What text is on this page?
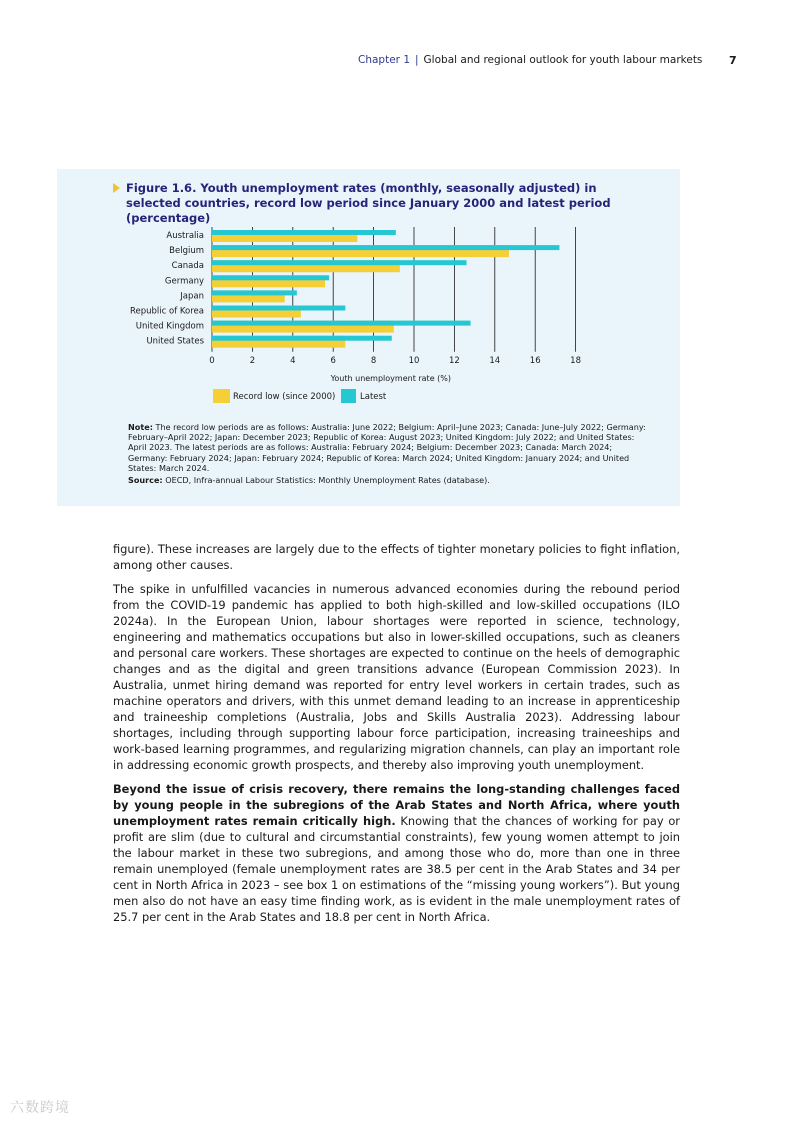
Chapter 1 | Global and regional outlook for youth labour markets 7
Figure 1.6. Youth unemployment rates (monthly, seasonally adjusted) in selected countries, record low period since January 2000 and latest period (percentage)
Australia
Belgium
Canada
Germany
Japan
Republic of Korea
United Kingdom
United States
0	2	4	6	8	10	12	14	16	18
Youth unemployment rate (%)
Record low (since 2000)	Latest

Note: The record low periods are as follows: Australia: June 2022; Belgium: April–June 2023; Canada: June–July 2022; Germany: February–April 2022; Japan: December 2023; Republic of Korea: August 2023; United Kingdom: July 2022; and United States: April 2023. The latest periods are as follows: Australia: February 2024; Belgium: December 2023; Canada: March 2024; Germany: February 2024; Japan: February 2024; Republic of Korea: March 2024; United Kingdom: January 2024; and United States: March 2024.

Source: OECD, Infra-annual Labour Statistics: Monthly Unemployment Rates (database).

figure). These increases are largely due to the effects of tighter monetary policies to fight inflation, among other causes.

The spike in unfulfilled vacancies in numerous advanced economies during the rebound period from the COVID-19 pandemic has applied to both high-skilled and low-skilled occupations (ILO 2024a). In the European Union, labour shortages were reported in science, technology, engineering and mathematics occupations but also in lower-skilled occupations, such as cleaners and personal care workers. These shortages are expected to continue on the heels of demographic changes and as the digital and green transitions advance (European Commission 2023). In Australia, unmet hiring demand was reported for entry level workers in certain trades, such as machine operators and drivers, with this unmet demand leading to an increase in apprenticeship and traineeship completions (Australia, Jobs and Skills Australia 2023). Addressing labour shortages, including through supporting labour force participation, increasing traineeships and work-based learning programmes, and regularizing migration channels, can play an important role in addressing economic growth prospects, and thereby also improving youth unemployment.

Beyond the issue of crisis recovery, there remains the long-standing challenges faced by young people in the subregions of the Arab States and North Africa, where youth unemployment rates remain critically high. Knowing that the chances of working for pay or profit are slim (due to cultural and circumstantial constraints), few young women attempt to join the labour market in these two subregions, and among those who do, more than one in three remain unemployed (female unemployment rates are 38.5 per cent in the Arab States and 34 per cent in North Africa in 2023 – see box 1 on estimations of the “missing young workers”). But young men also do not have an easy time finding work, as is evident in the male unemployment rates of 25.7 per cent in the Arab States and 18.8 per cent in North Africa.

六数跨境
